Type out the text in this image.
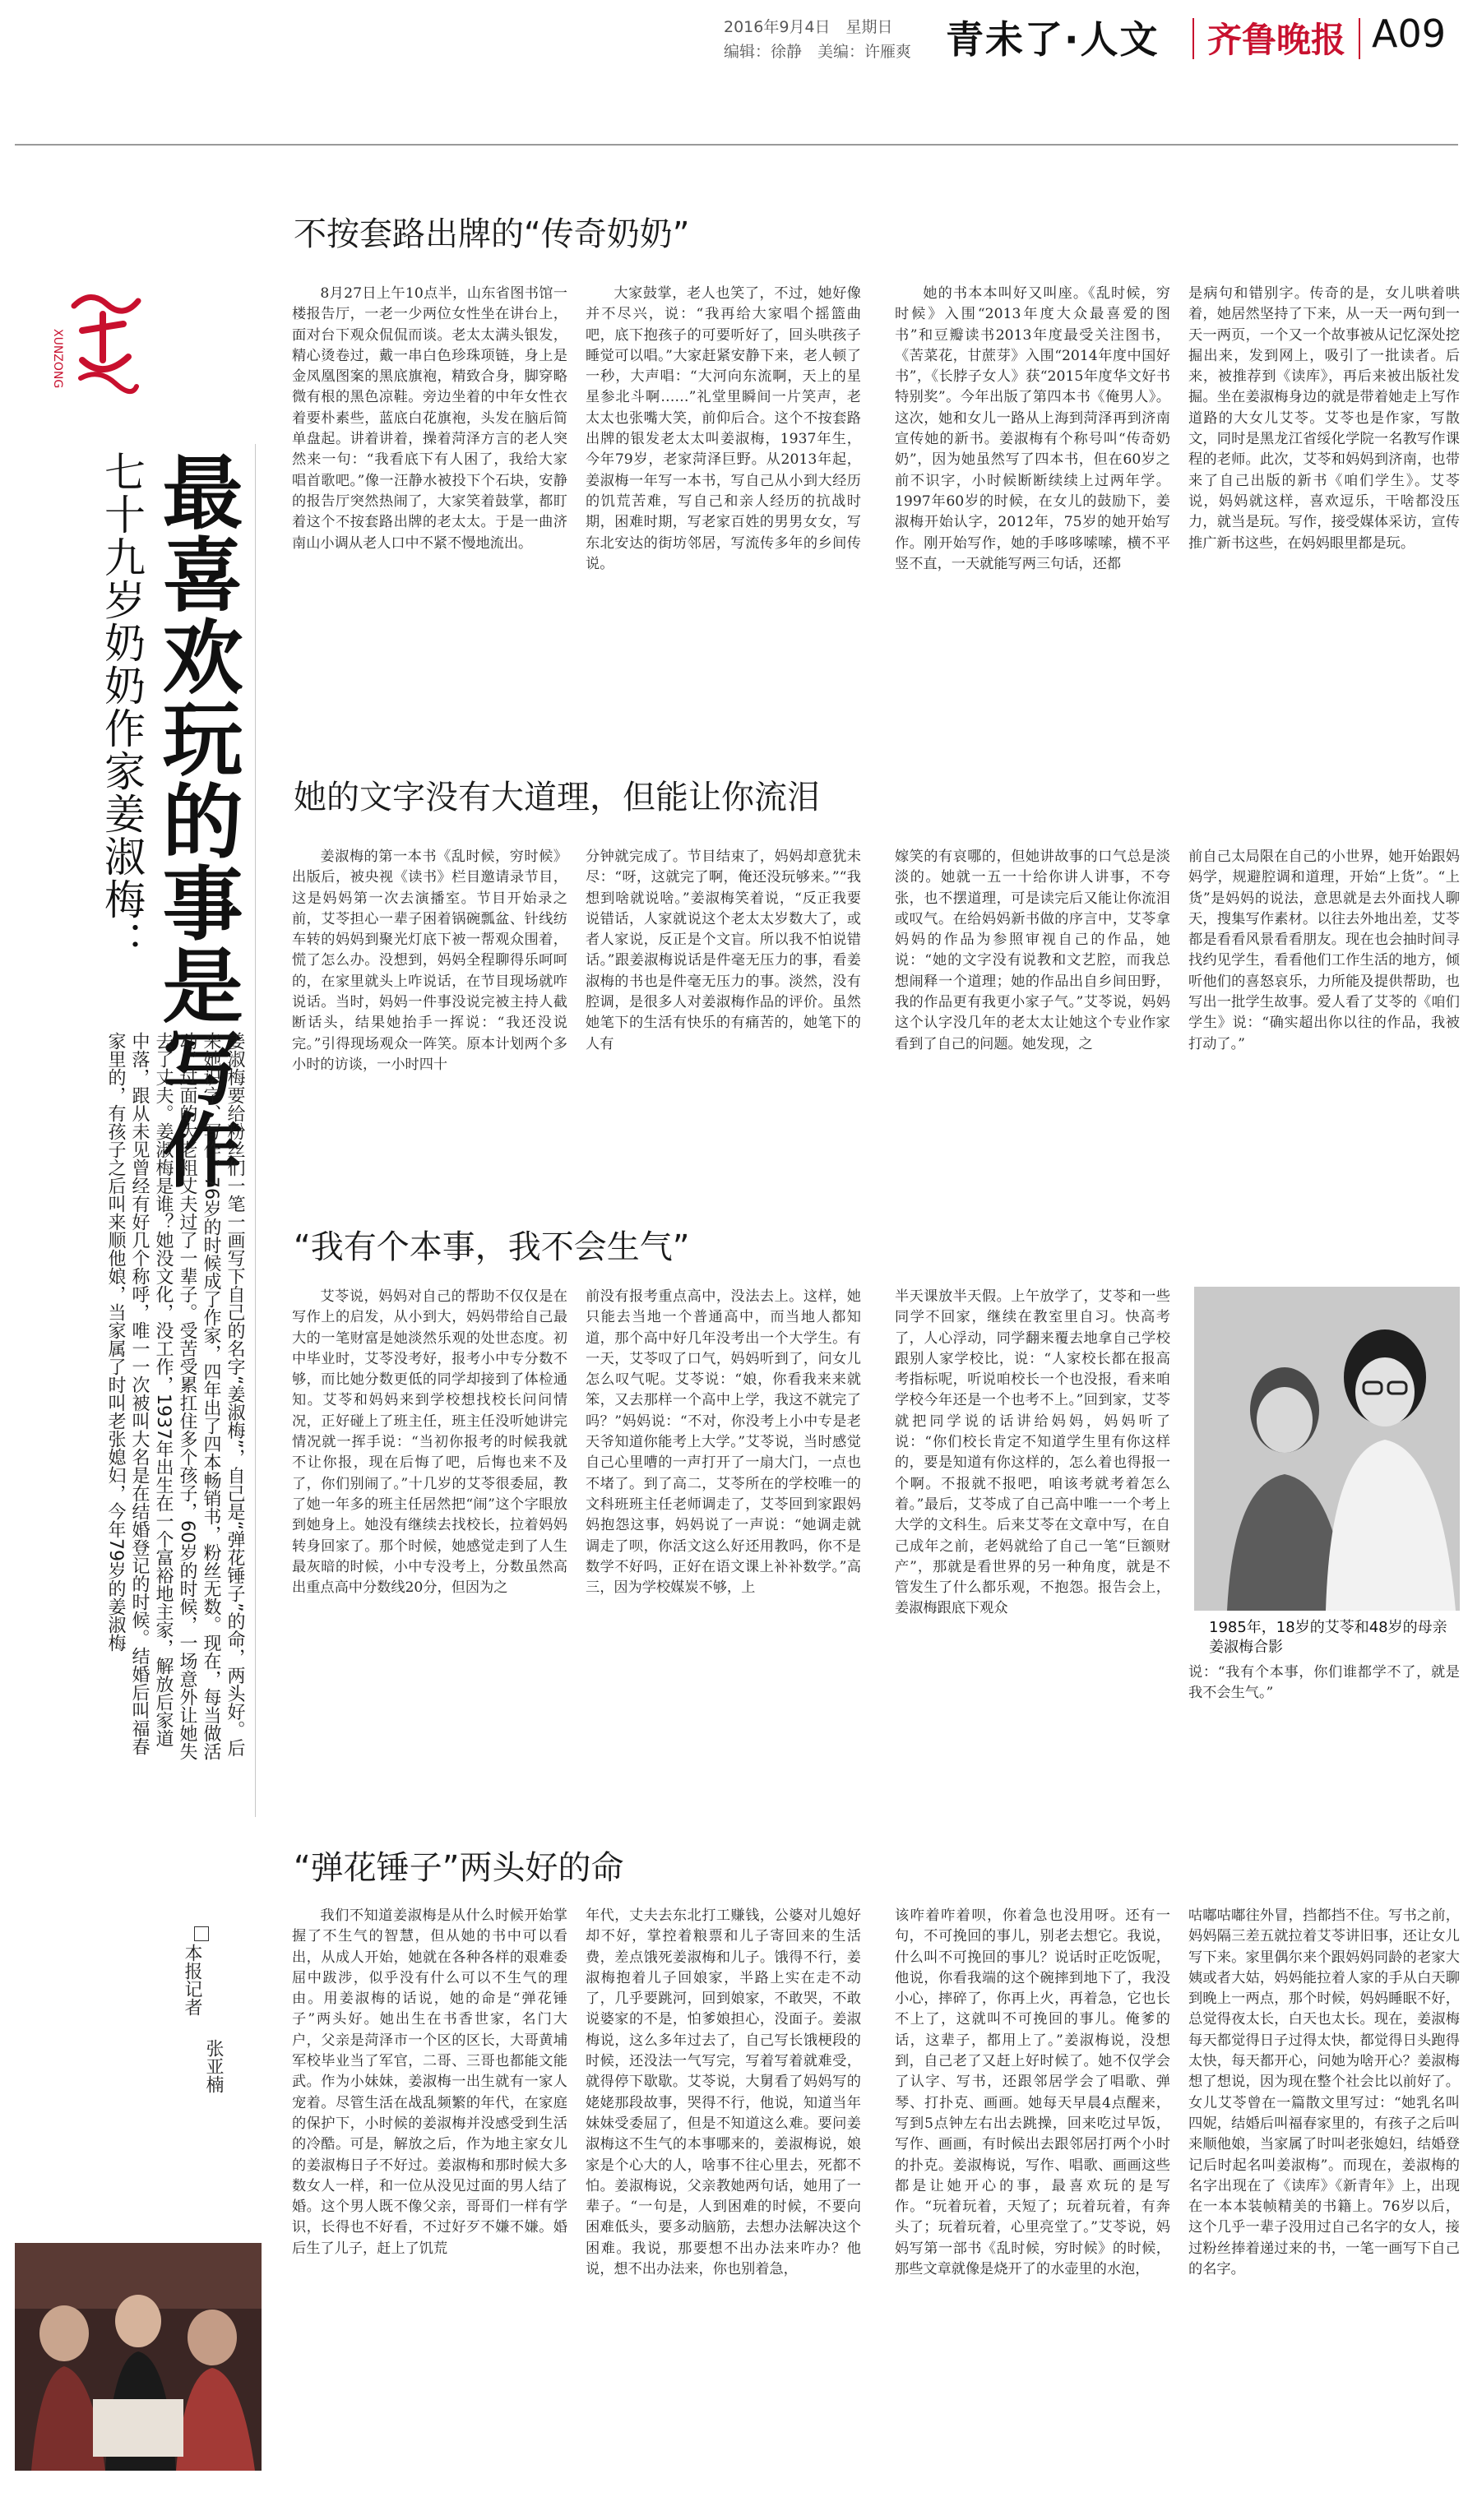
2016年9月4日　星期日
编辑：徐静　美编：许雁爽 青未了·人文 齐鲁晚报 A09
XUNZONG
最喜欢玩的事是写作
七十九岁奶奶作家姜淑梅：
姜淑梅要给粉丝们一笔一画写下自己的名字“姜淑梅”，自己是“弹花锤子”的命，两头好。后来她识字、写作，76岁的时候成了作家，四年出了四本畅销书，粉丝无数。现在，每当做活动，过面的大老粗丈夫过了一辈子。受苦受累扛住多个孩子，60岁的时候，一场意外让她失去了丈夫。姜淑梅是谁？她没文化，没工作，1937年出生在一个富裕地主家，解放后家道中落，跟从未见曾经有好几个称呼，唯一一次被叫大名是在结婚登记的时候。结婚后叫福春家里的，有孩子之后叫来顺他娘，当家属了时叫老张媳妇，今年79岁的姜淑梅
本报记者
张亚楠
不按套路出牌的“传奇奶奶”

8月27日上午10点半，山东省图书馆一楼报告厅，一老一少两位女性坐在讲台上，面对台下观众侃侃而谈。老太太满头银发，精心烫卷过，戴一串白色珍珠项链，身上是金凤凰图案的黑底旗袍，精致合身，脚穿略微有根的黑色凉鞋。旁边坐着的中年女性衣着要朴素些，蓝底白花旗袍，头发在脑后简单盘起。讲着讲着，操着菏泽方言的老人突然来一句：“我看底下有人困了，我给大家唱首歌吧。”像一汪静水被投下个石块，安静的报告厅突然热闹了，大家笑着鼓掌，都盯着这个不按套路出牌的老太太。于是一曲济南山小调从老人口中不紧不慢地流出。

大家鼓掌，老人也笑了，不过，她好像并不尽兴，说：“我再给大家唱个摇篮曲吧，底下抱孩子的可要听好了，回头哄孩子睡觉可以唱。”大家赶紧安静下来，老人顿了一秒，大声唱：“大河向东流啊，天上的星星参北斗啊……”礼堂里瞬间一片笑声，老太太也张嘴大笑，前仰后合。这个不按套路出牌的银发老太太叫姜淑梅，1937年生，今年79岁，老家菏泽巨野。从2013年起，姜淑梅一年写一本书，写自己从小到大经历的饥荒苦难，写自己和亲人经历的抗战时期，困难时期，写老家百姓的男男女女，写东北安达的街坊邻居，写流传多年的乡间传说。

她的书本本叫好又叫座。《乱时候，穷时候》入围“2013年度大众最喜爱的图书”和豆瓣读书2013年度最受关注图书，《苦菜花，甘蔗芽》入围“2014年度中国好书”，《长脖子女人》获“2015年度华文好书特别奖”。今年出版了第四本书《俺男人》。这次，她和女儿一路从上海到菏泽再到济南宣传她的新书。姜淑梅有个称号叫“传奇奶奶”，因为她虽然写了四本书，但在60岁之前不识字，小时候断断续续上过两年学。1997年60岁的时候，在女儿的鼓励下，姜淑梅开始认字，2012年，75岁的她开始写作。刚开始写作，她的手哆哆嗦嗦，横不平竖不直，一天就能写两三句话，还都

是病句和错别字。传奇的是，女儿哄着哄着，她居然坚持了下来，从一天一两句到一天一两页，一个又一个故事被从记忆深处挖掘出来，发到网上，吸引了一批读者。后来，被推荐到《读库》，再后来被出版社发掘。坐在姜淑梅身边的就是带着她走上写作道路的大女儿艾苓。艾苓也是作家，写散文，同时是黑龙江省绥化学院一名教写作课程的老师。此次，艾苓和妈妈到济南，也带来了自己出版的新书《咱们学生》。艾苓说，妈妈就这样，喜欢逗乐，干啥都没压力，就当是玩。写作，接受媒体采访，宣传推广新书这些，在妈妈眼里都是玩。

她的文字没有大道理，但能让你流泪

姜淑梅的第一本书《乱时候，穷时候》出版后，被央视《读书》栏目邀请录节目，这是妈妈第一次去演播室。节目开始录之前，艾苓担心一辈子困着锅碗瓢盆、针线纺车转的妈妈到聚光灯底下被一帮观众围着，慌了怎么办。没想到，妈妈全程聊得乐呵呵的，在家里就头上咋说话，在节目现场就咋说话。当时，妈妈一件事没说完被主持人截断话头，结果她抬手一挥说：“我还没说完。”引得现场观众一阵笑。原本计划两个多小时的访谈，一小时四十

分钟就完成了。节目结束了，妈妈却意犹未尽：“呀，这就完了啊，俺还没玩够来。”“我想到啥就说啥。”姜淑梅笑着说，“反正我要说错话，人家就说这个老太太岁数大了，或者人家说，反正是个文盲。所以我不怕说错话。”跟姜淑梅说话是件毫无压力的事，看姜淑梅的书也是件毫无压力的事。淡然，没有腔调，是很多人对姜淑梅作品的评价。虽然她笔下的生活有快乐的有痛苦的，她笔下的人有

嫁笑的有哀哪的，但她讲故事的口气总是淡淡的。她就一五一十给你讲人讲事，不夸张，也不摆道理，可是读完后又能让你流泪或叹气。在给妈妈新书做的序言中，艾苓拿妈妈的作品为参照审视自己的作品，她说：“她的文字没有说教和文艺腔，而我总想闹释一个道理；她的作品出自乡间田野，我的作品更有我更小家子气。”艾苓说，妈妈这个认字没几年的老太太让她这个专业作家看到了自己的问题。她发现，之

前自己太局限在自己的小世界，她开始跟妈妈学，规避腔调和道理，开始“上货”。“上货”是妈妈的说法，意思就是去外面找人聊天，搜集写作素材。以往去外地出差，艾苓都是看看风景看看朋友。现在也会抽时间寻找约见学生，看看他们工作生活的地方，倾听他们的喜怒哀乐，力所能及提供帮助，也写出一批学生故事。爱人看了艾苓的《咱们学生》说：“确实超出你以往的作品，我被打动了。”

“我有个本事，我不会生气”

艾苓说，妈妈对自己的帮助不仅仅是在写作上的启发，从小到大，妈妈带给自己最大的一笔财富是她淡然乐观的处世态度。初中毕业时，艾苓没考好，报考小中专分数不够，而比她分数更低的同学却接到了体检通知。艾苓和妈妈来到学校想找校长问问情况，正好碰上了班主任，班主任没听她讲完情况就一挥手说：“当初你报考的时候我就不让你报，现在后悔了吧，后悔也来不及了，你们别闹了。”十几岁的艾苓很委屈，教了她一年多的班主任居然把“闹”这个字眼放到她身上。她没有继续去找校长，拉着妈妈转身回家了。那个时候，她感觉走到了人生最灰暗的时候，小中专没考上，分数虽然高出重点高中分数线20分，但因为之

前没有报考重点高中，没法去上。这样，她只能去当地一个普通高中，而当地人都知道，那个高中好几年没考出一个大学生。有一天，艾苓叹了口气，妈妈听到了，问女儿怎么叹气呢。艾苓说：“娘，你看我来来就笨，又去那样一个高中上学，我这不就完了吗？”妈妈说：“不对，你没考上小中专是老天爷知道你能考上大学。”艾苓说，当时感觉自己心里嘈的一声打开了一扇大门，一点也不堵了。到了高二，艾苓所在的学校唯一的文科班班主任老师调走了，艾苓回到家跟妈妈抱怨这事，妈妈说了一声说：“她调走就调走了呗，你活文这么好还用教吗，你不是数学不好吗，正好在语文课上补补数学。”高三，因为学校媒炭不够，上

半天课放半天假。上午放学了，艾苓和一些同学不回家，继续在教室里自习。快高考了，人心浮动，同学翻来覆去地拿自己学校跟别人家学校比，说：“人家校长都在报高考指标呢，听说咱校长一个也没报，看来咱学校今年还是一个也考不上。”回到家，艾苓就把同学说的话讲给妈妈，妈妈听了说：“你们校长肯定不知道学生里有你这样的，要是知道有你这样的，怎么着也得报一个啊。不报就不报吧，咱该考就考着怎么着。”最后，艾苓成了自己高中唯一一个考上大学的文科生。后来艾苓在文章中写，在自己成年之前，老妈就给了自己一笔“巨额财产”，那就是看世界的另一种角度，就是不管发生了什么都乐观，不抱怨。报告会上，姜淑梅跟底下观众

1985年，18岁的艾苓和48岁的母亲姜淑梅合影

说：“我有个本事，你们谁都学不了，就是我不会生气。”

“弹花锤子”两头好的命

我们不知道姜淑梅是从什么时候开始掌握了不生气的智慧，但从她的书中可以看出，从成人开始，她就在各种各样的艰难委屈中跋涉，似乎没有什么可以不生气的理由。用姜淑梅的话说，她的命是“弹花锤子”两头好。她出生在书香世家，名门大户，父亲是菏泽市一个区的区长，大哥黄埔军校毕业当了军官，二哥、三哥也都能文能武。作为小妹妹，姜淑梅一出生就有一家人宠着。尽管生活在战乱频繁的年代，在家庭的保护下，小时候的姜淑梅并没感受到生活的冷酷。可是，解放之后，作为地主家女儿的姜淑梅日子不好过。姜淑梅和那时候大多数女人一样，和一位从没见过面的男人结了婚。这个男人既不像父亲，哥哥们一样有学识，长得也不好看，不过好歹不嫌不嫌。婚后生了儿子，赶上了饥荒

年代，丈夫去东北打工赚钱，公婆对儿媳好却不好，掌控着粮票和儿子寄回来的生活费，差点饿死姜淑梅和儿子。饿得不行，姜淑梅抱着儿子回娘家，半路上实在走不动了，几乎要跳河，回到娘家，不敢哭，不敢说婆家的不是，怕爹娘担心，没面子。姜淑梅说，这么多年过去了，自己写长饿梗段的时候，还没法一气写完，写着写着就难受，就得停下歇歇。艾苓说，大舅看了妈妈写的姥姥那段故事，哭得不行，他说，知道当年妹妹受委屈了，但是不知道这么难。要问姜淑梅这不生气的本事哪来的，姜淑梅说，娘家是个心大的人，啥事不往心里去，死都不怕。姜淑梅说，父亲教她两句话，她用了一辈子。“一句是，人到困难的时候，不要向困难低头，要多动脑筋，去想办法解决这个困难。我说，那要想不出办法来咋办？他说，想不出办法来，你也别着急，

该咋着咋着呗，你着急也没用呀。还有一句，不可挽回的事儿，别老去想它。我说，什么叫不可挽回的事儿？说话时正吃饭呢，他说，你看我端的这个碗摔到地下了，我没小心，摔碎了，你再上火，再着急，它也长不上了，这就叫不可挽回的事儿。俺爹的话，这辈子，都用上了。”姜淑梅说，没想到，自己老了又赶上好时候了。她不仅学会了认字、写书，还跟邻居学会了唱歌、弹琴、打扑克、画画。她每天早晨4点醒来，写到5点钟左右出去跳操，回来吃过早饭，写作、画画，有时候出去跟邻居打两个小时的扑克。姜淑梅说，写作、唱歌、画画这些都是让她开心的事，最喜欢玩的是写作。“玩着玩着，天短了；玩着玩着，有奔头了；玩着玩着，心里亮堂了。”艾苓说，妈妈写第一部书《乱时候，穷时候》的时候，那些文章就像是烧开了的水壶里的水泡，

咕嘟咕嘟往外冒，挡都挡不住。写书之前，妈妈隔三差五就拉着艾苓讲旧事，还让女儿写下来。家里偶尔来个跟妈妈同龄的老家大姨或者大姑，妈妈能拉着人家的手从白天聊到晚上一两点，那个时候，妈妈睡眠不好，总觉得夜太长，白天也太长。现在，姜淑梅每天都觉得日子过得太快，都觉得日头跑得太快，每天都开心，问她为啥开心？姜淑梅想了想说，因为现在整个社会比以前好了。女儿艾苓曾在一篇散文里写过：“她乳名叫四妮，结婚后叫福春家里的，有孩子之后叫来顺他娘，当家属了时叫老张媳妇，结婚登记后时起名叫姜淑梅”。而现在，姜淑梅的名字出现在了《读库》《新青年》上，出现在一本本装帧精美的书籍上。76岁以后，这个几乎一辈子没用过自己名字的女人，接过粉丝捧着递过来的书，一笔一画写下自己的名字。
